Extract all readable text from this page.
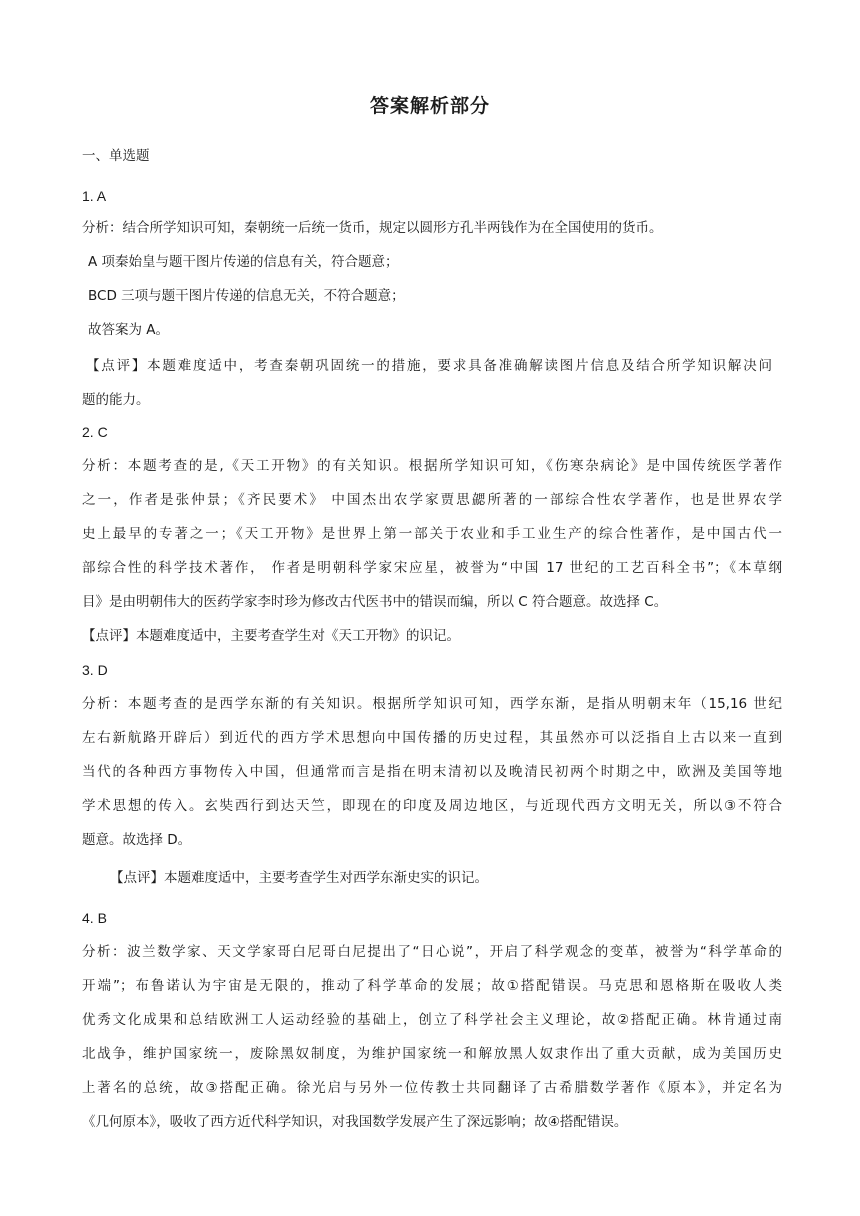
答案解析部分
一、单选题
1. A
分析：结合所学知识可知，秦朝统一后统一货币，规定以圆形方孔半两钱作为在全国使用的货币。
A 项秦始皇与题干图片传递的信息有关，符合题意；
BCD 三项与题干图片传递的信息无关，不符合题意；
故答案为 A。
【点评】本题难度适中，考查秦朝巩固统一的措施，要求具备准确解读图片信息及结合所学知识解决问
题的能力。
2. C
分析：本题考查的是,《天工开物》的有关知识。根据所学知识可知，《伤寒杂病论》是中国传统医学著作
之一，作者是张仲景；《齐民要术》 中国杰出农学家贾思勰所著的一部综合性农学著作，也是世界农学
史上最早的专著之一；《天工开物》是世界上第一部关于农业和手工业生产的综合性著作，是中国古代一
部综合性的科学技术著作， 作者是明朝科学家宋应星，被誉为“中国 17 世纪的工艺百科全书”；《本草纲
目》是由明朝伟大的医药学家李时珍为修改古代医书中的错误而编，所以 C 符合题意。故选择 C。
【点评】本题难度适中，主要考查学生对《天工开物》的识记。
3. D
分析：本题考查的是西学东渐的有关知识。根据所学知识可知，西学东渐，是指从明朝末年（15,16 世纪
左右新航路开辟后）到近代的西方学术思想向中国传播的历史过程，其虽然亦可以泛指自上古以来一直到
当代的各种西方事物传入中国，但通常而言是指在明末清初以及晚清民初两个时期之中，欧洲及美国等地
学术思想的传入。玄奘西行到达天竺，即现在的印度及周边地区，与近现代西方文明无关，所以③不符合
题意。故选择 D。
【点评】本题难度适中，主要考查学生对西学东渐史实的识记。
4. B
分析：波兰数学家、天文学家哥白尼哥白尼提出了“日心说”，开启了科学观念的变革，被誉为“科学革命的
开端”；布鲁诺认为宇宙是无限的，推动了科学革命的发展；故①搭配错误。马克思和恩格斯在吸收人类
优秀文化成果和总结欧洲工人运动经验的基础上，创立了科学社会主义理论，故②搭配正确。林肯通过南
北战争，维护国家统一，废除黑奴制度，为维护国家统一和解放黑人奴隶作出了重大贡献，成为美国历史
上著名的总统，故③搭配正确。徐光启与另外一位传教士共同翻译了古希腊数学著作《原本》，并定名为
《几何原本》，吸收了西方近代科学知识，对我国数学发展产生了深远影响；故④搭配错误。
